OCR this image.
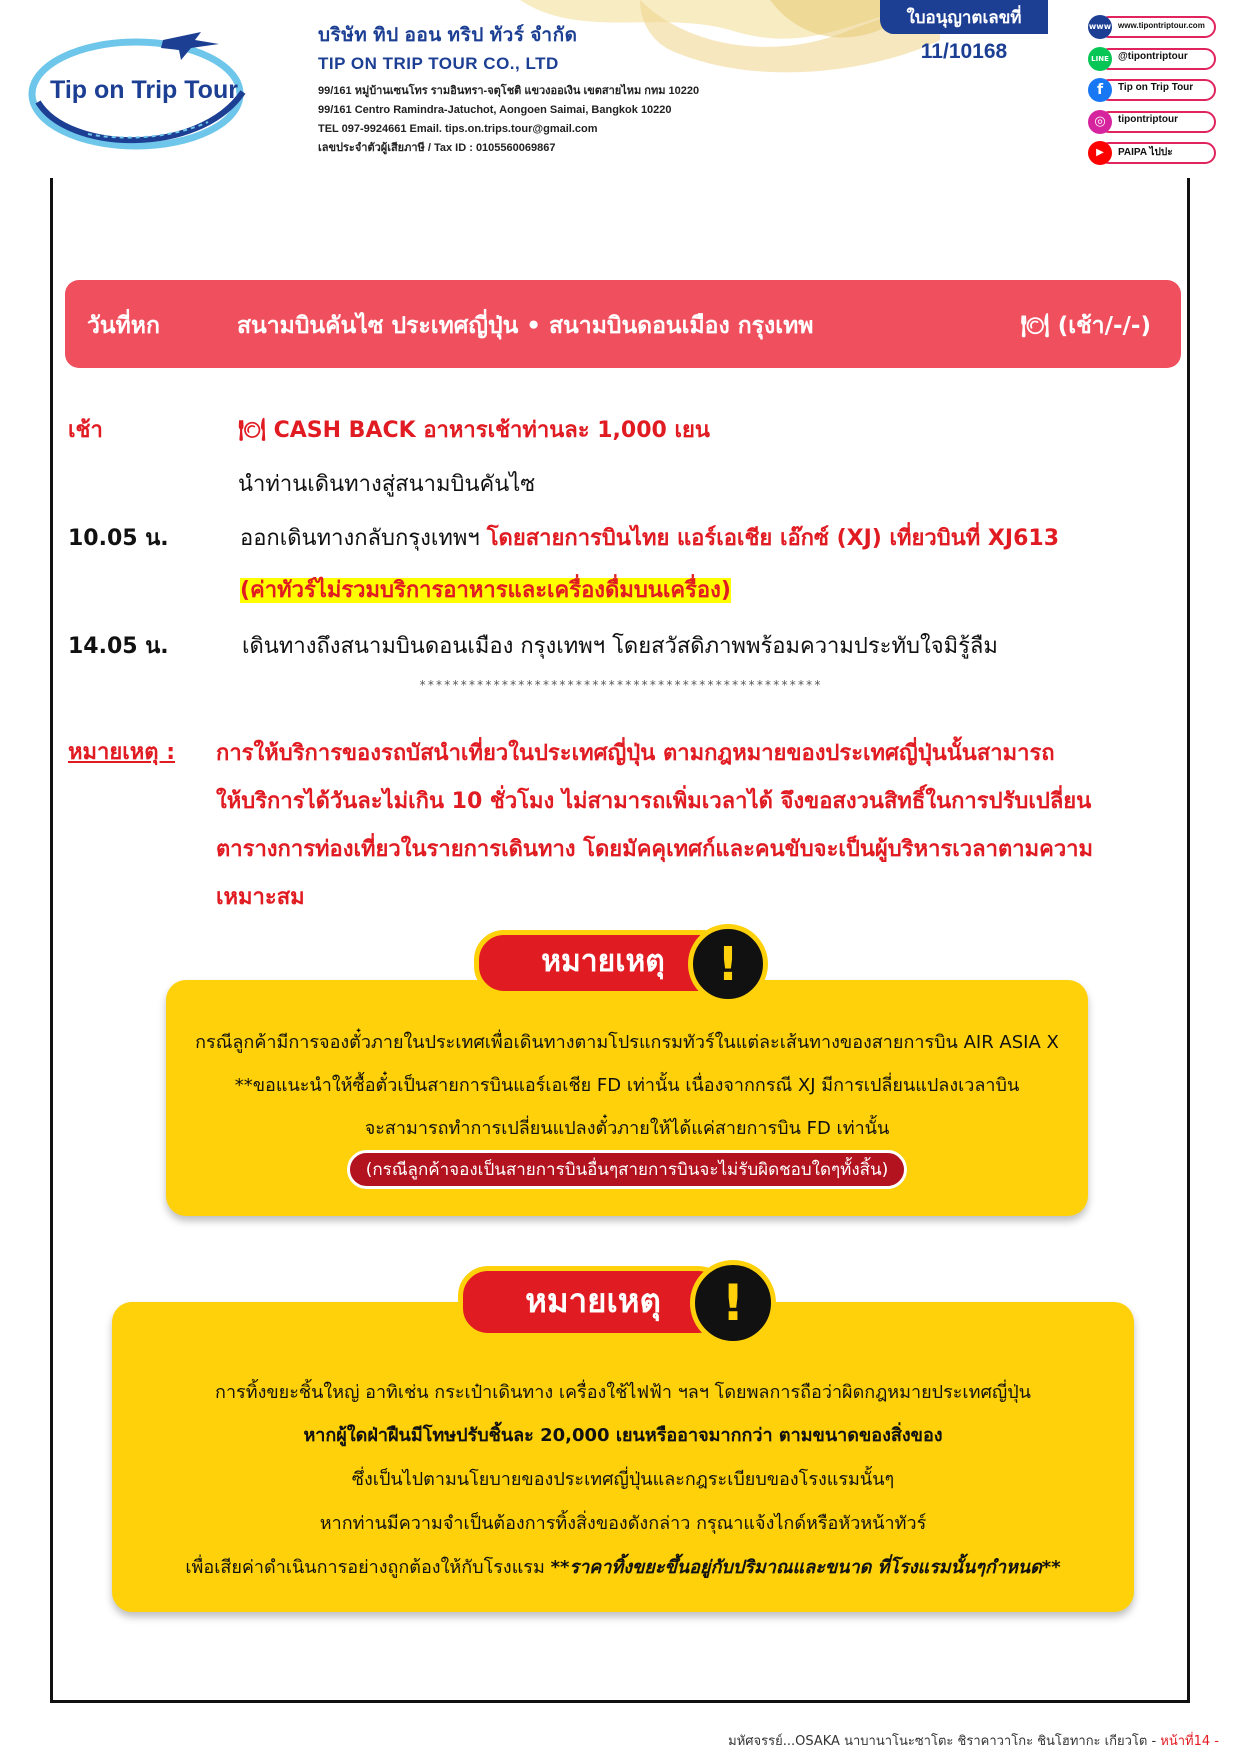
Tip on Trip Tour
บริษัท ทิป ออน ทริป ทัวร์ จำกัด
TIP ON TRIP TOUR CO., LTD
99/161 หมู่บ้านเซนโทร รามอินทรา-จตุโชติ แขวงออเงิน เขตสายไหม กทม 10220
99/161 Centro Ramindra-Jatuchot, Aongoen Saimai, Bangkok 10220
TEL 097-9924661 Email. tips.on.trips.tour@gmail.com
เลขประจำตัวผู้เสียภาษี / Tax ID : 0105560069867
ใบอนุญาตเลขที่
11/10168
www www.tipontriptour.com
LINE @tipontriptour
f	Tip on Trip Tour
◎	tipontriptour
▶	PAIPA ไปปะ
วันที่หก	สนามบินคันไซ ประเทศญี่ปุ่น • สนามบินดอนเมือง กรุงเทพ	🍽 (เช้า/-/-)
เช้า	🍽 CASH BACK อาหารเช้าท่านละ 1,000 เยน
นำท่านเดินทางสู่สนามบินคันไซ
10.05 น.	ออกเดินทางกลับกรุงเทพฯ โดยสายการบินไทย แอร์เอเชีย เอ๊กซ์ (XJ) เที่ยวบินที่ XJ613
(ค่าทัวร์ไม่รวมบริการอาหารและเครื่องดื่มบนเครื่อง)
14.05 น.	เดินทางถึงสนามบินดอนเมือง กรุงเทพฯ โดยสวัสดิภาพพร้อมความประทับใจมิรู้ลืม
*************************************************
หมายเหตุ : การให้บริการของรถบัสนำเที่ยวในประเทศญี่ปุ่น ตามกฎหมายของประเทศญี่ปุ่นนั้นสามารถ
ให้บริการได้วันละไม่เกิน 10 ชั่วโมง ไม่สามารถเพิ่มเวลาได้ จึงขอสงวนสิทธิ์ในการปรับเปลี่ยน
ตารางการท่องเที่ยวในรายการเดินทาง โดยมัคคุเทศก์และคนขับจะเป็นผู้บริหารเวลาตามความ
เหมาะสม
กรณีลูกค้ามีการจองตั๋วภายในประเทศเพื่อเดินทางตามโปรแกรมทัวร์ในแต่ละเส้นทางของสายการบิน AIR ASIA X
**ขอแนะนำให้ซื้อตั๋วเป็นสายการบินแอร์เอเชีย FD เท่านั้น เนื่องจากกรณี XJ มีการเปลี่ยนแปลงเวลาบิน
จะสามารถทำการเปลี่ยนแปลงตั๋วภายให้ได้แค่สายการบิน FD เท่านั้น
(กรณีลูกค้าจองเป็นสายการบินอื่นๆสายการบินจะไม่รับผิดชอบใดๆทั้งสิ้น)
หมายเหตุ	!
การทิ้งขยะชิ้นใหญ่ อาทิเช่น กระเป๋าเดินทาง เครื่องใช้ไฟฟ้า ฯลฯ โดยพลการถือว่าผิดกฎหมายประเทศญี่ปุ่น
หากผู้ใดฝ่าฝืนมีโทษปรับชิ้นละ 20,000 เยนหรืออาจมากกว่า ตามขนาดของสิ่งของ
ซึ่งเป็นไปตามนโยบายของประเทศญี่ปุ่นและกฎระเบียบของโรงแรมนั้นๆ
หากท่านมีความจำเป็นต้องการทิ้งสิ่งของดังกล่าว กรุณาแจ้งไกด์หรือหัวหน้าทัวร์
เพื่อเสียค่าดำเนินการอย่างถูกต้องให้กับโรงแรม **ราคาทิ้งขยะขึ้นอยู่กับปริมาณและขนาด ที่โรงแรมนั้นๆกำหนด**
หมายเหตุ	!
มหัศจรรย์...OSAKA นาบานาโนะซาโตะ ชิราคาวาโกะ ชินโฮทากะ เกียวโต - หน้าที่14 -
